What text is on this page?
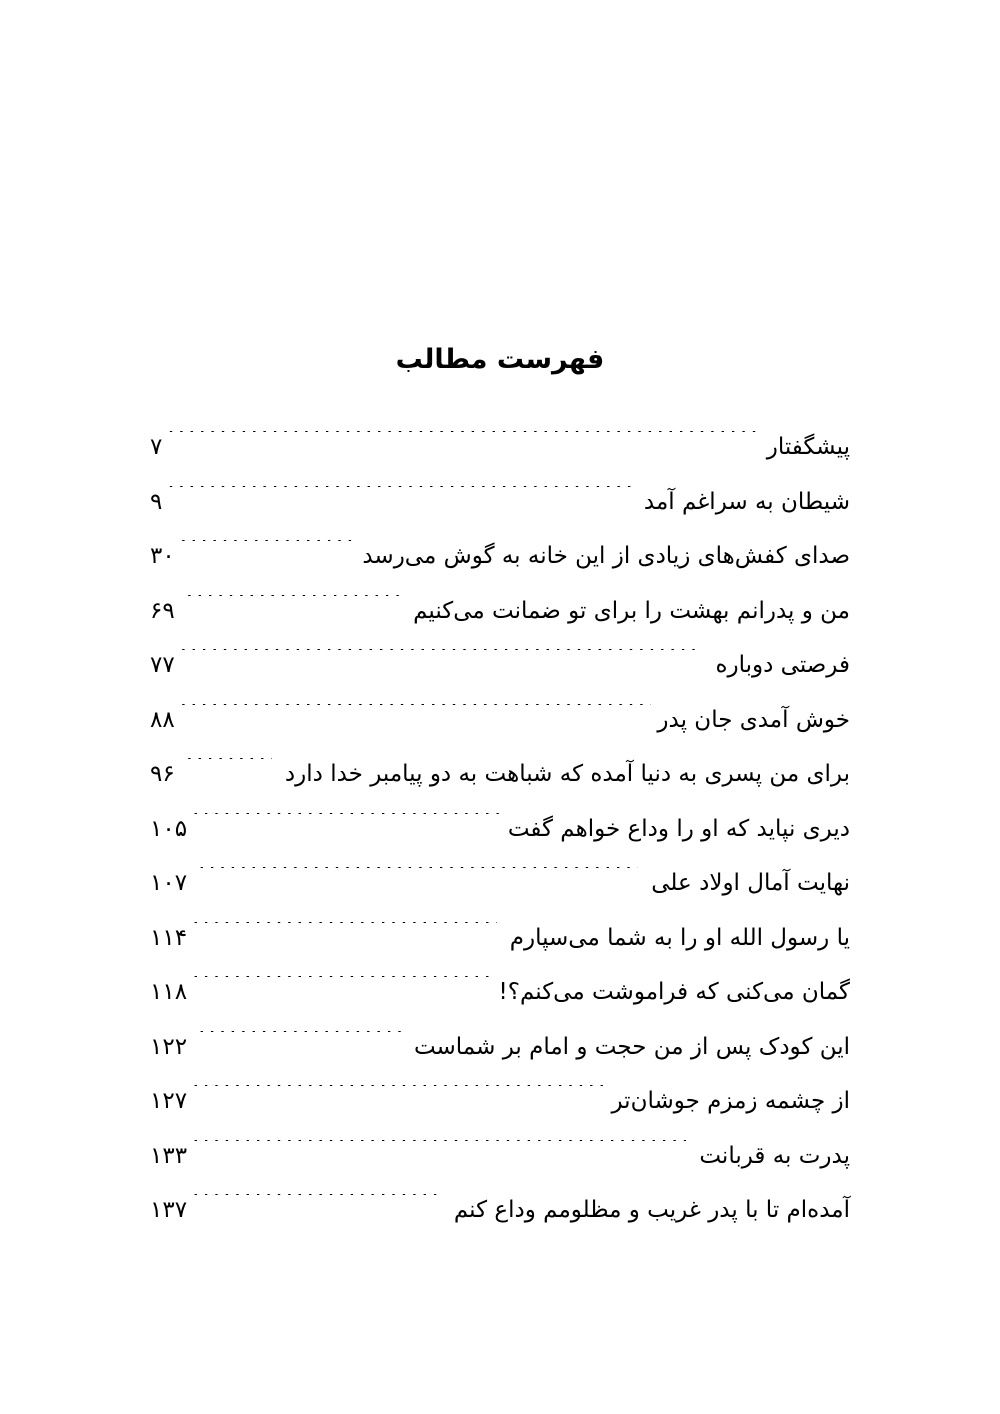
فهرست مطالب
پیشگفتار
.....
۷
شیطان به سراغم آمد
.....
۹
صدای کفش‌های زیادی از این خانه به گوش می‌رسد
.....
۳۰
من و پدرانم بهشت را برای تو ضمانت می‌کنیم
.....
۶۹
فرصتی دوباره
.....
۷۷
خوش آمدی جان پدر
.....
۸۸
برای من پسری به دنیا آمده که شباهت به دو پیامبر خدا دارد
.....
۹۶
دیری نپاید که او را وداع خواهم گفت
.....
۱۰۵
نهایت آمال اولاد علی
.....
۱۰۷
یا رسول الله او را به شما می‌سپارم
.....
۱۱۴
گمان می‌کنی که فراموشت می‌کنم؟!
.....
۱۱۸
این کودک پس از من حجت و امام بر شماست
.....
۱۲۲
از چشمه زمزم جوشان‌تر
.....
۱۲۷
پدرت به قربانت
.....
۱۳۳
آمده‌ام تا با پدر غریب و مظلومم وداع کنم
.....
۱۳۷
